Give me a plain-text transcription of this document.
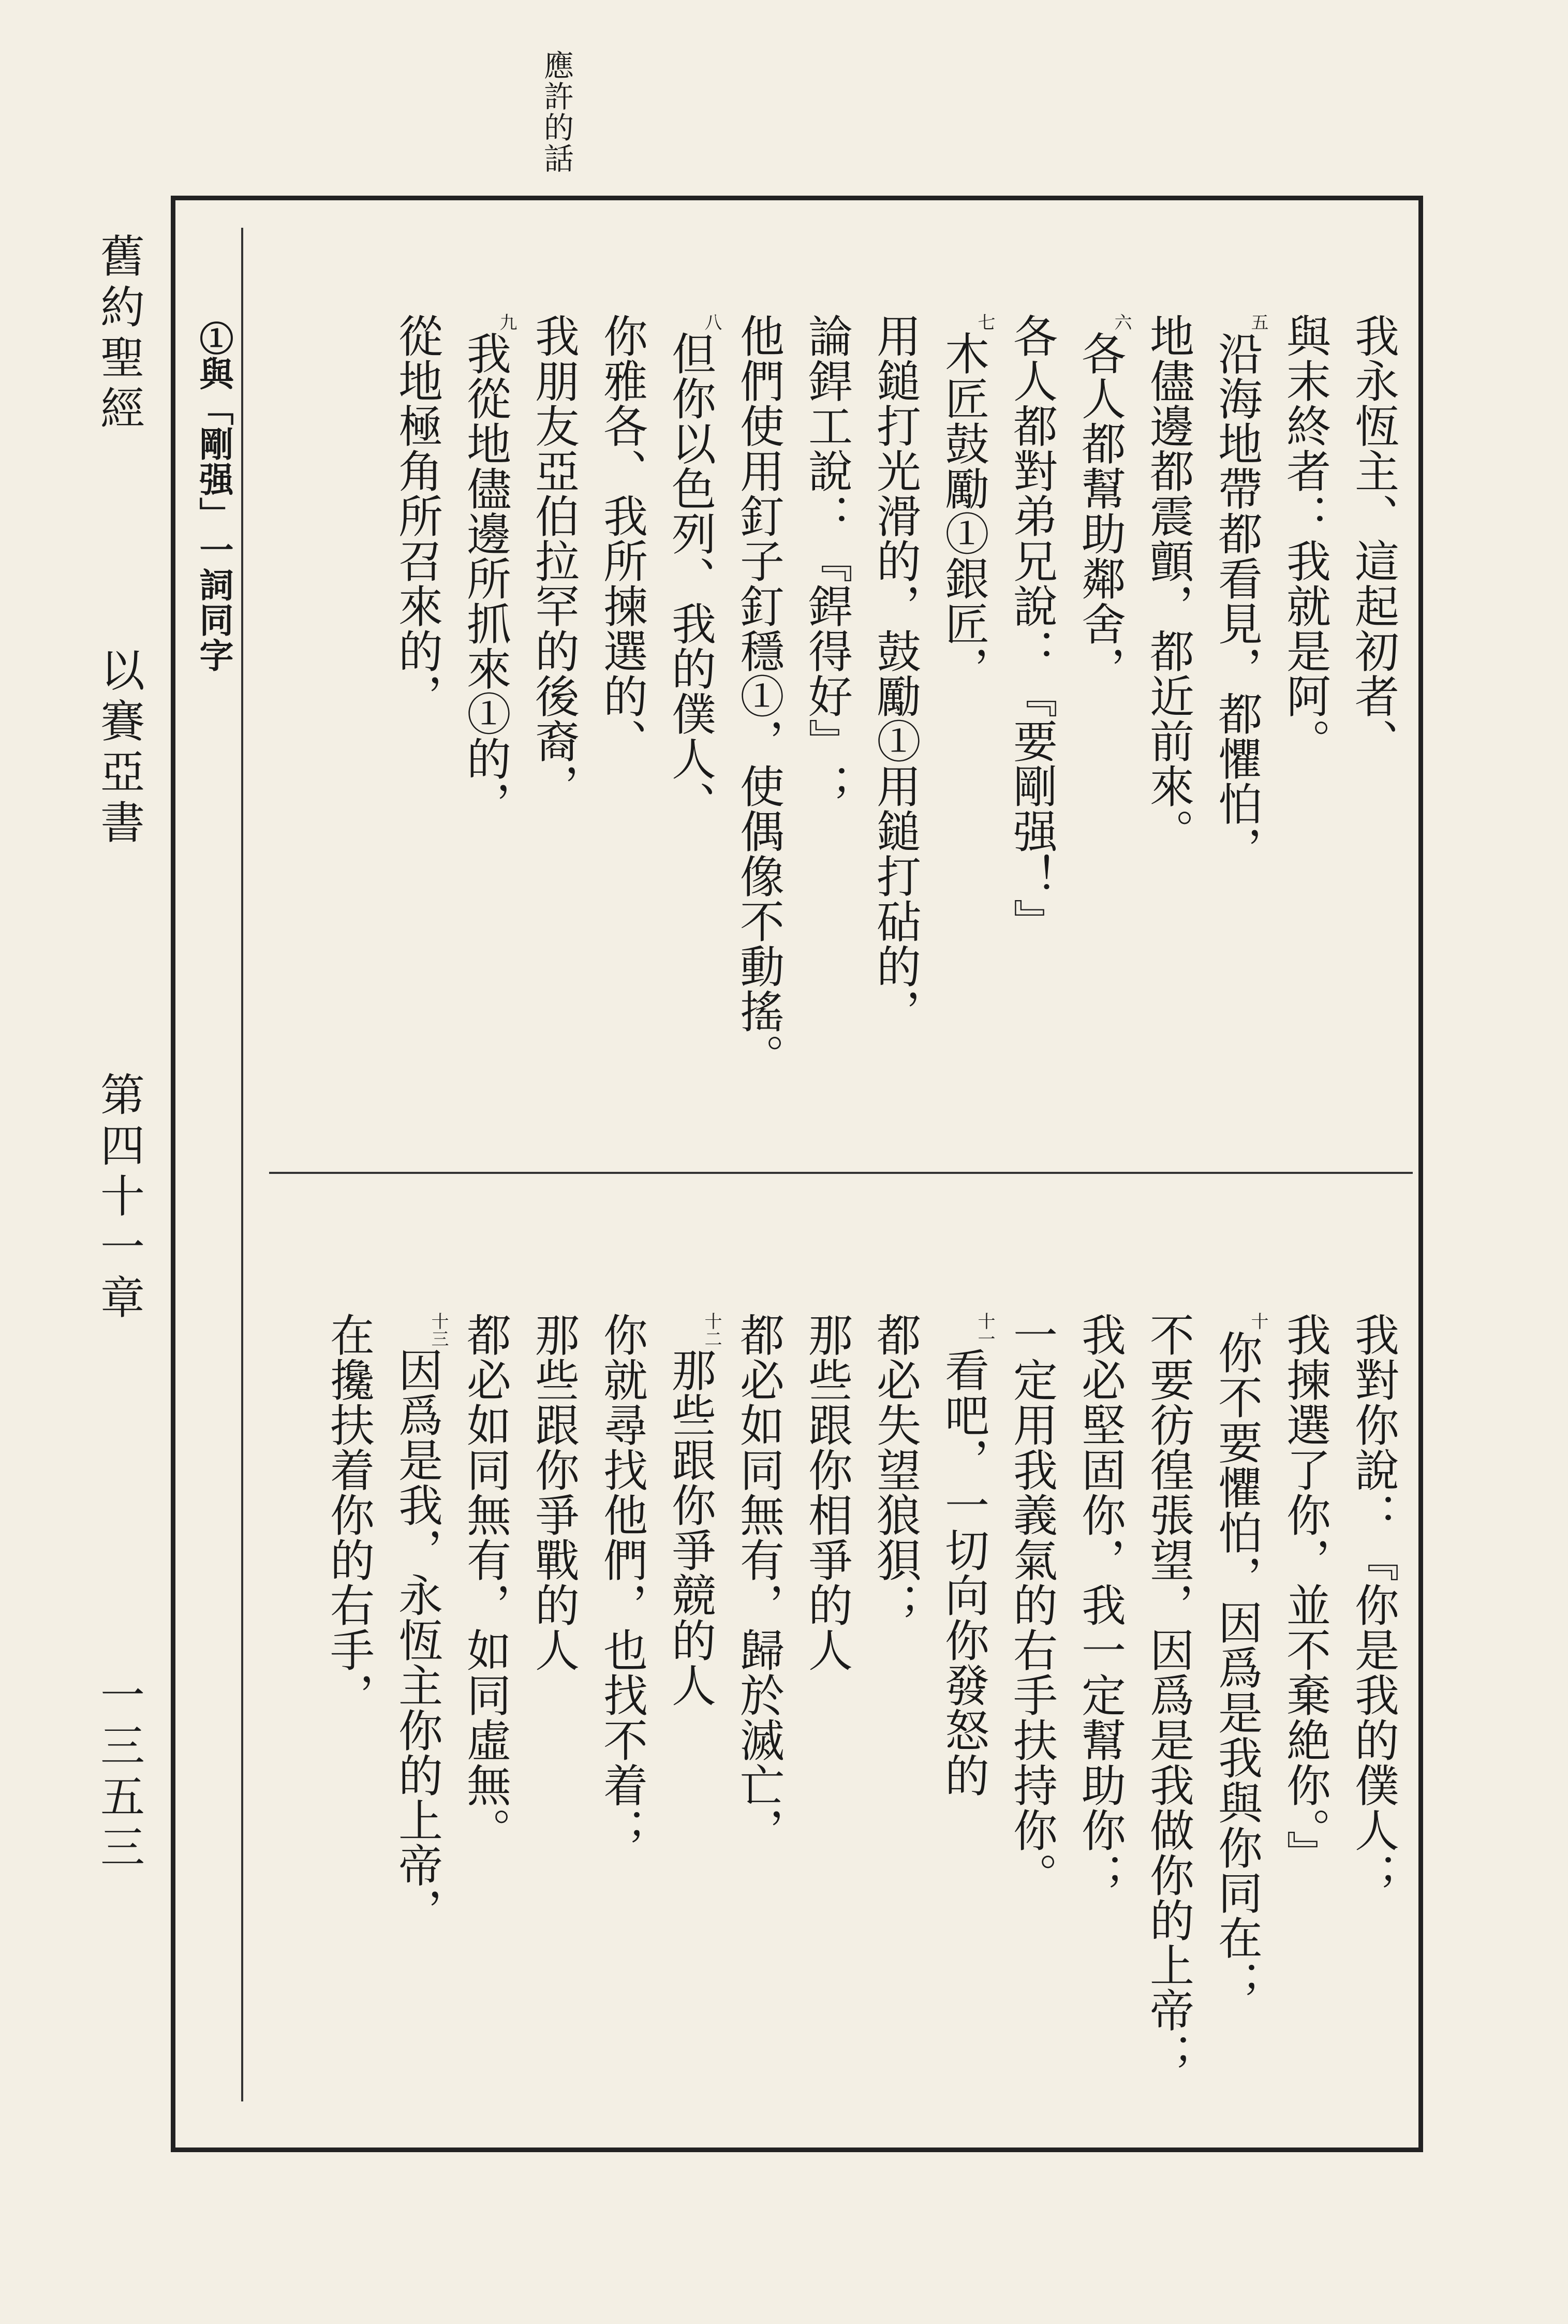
應許的話
舊約聖經
以賽亞書
第四十一章
一三五三
①與「剛强」一詞同字	我永恆主、這起初者、
與末終者：我就是阿。
五沿海地帶都看見，都懼怕，
地儘邊都震顫，都近前來。
六各人都幫助鄰舍，
各人都對弟兄說：『要剛强！』
七木匠鼓勵①銀匠，
用鎚打光滑的，鼓勵①用鎚打砧的，
論銲工說：『銲得好』；
他們使用釘子釘穩①，使偶像不動搖。
八但你以色列、我的僕人、
你雅各、我所揀選的、
我朋友亞伯拉罕的後裔，
九我從地儘邊所抓來①的，
從地極角所召來的，
我對你說：『你是我的僕人；
我揀選了你，並不棄絶你。』
十你不要懼怕，因爲是我與你同在；
不要彷徨張望，因爲是我做你的上帝；
我必堅固你，我一定幫助你；
一定用我義氣的右手扶持你。
十一看吧，一切向你發怒的
都必失望狼狽；
那些跟你相爭的人
都必如同無有，歸於滅亡，
十二那些跟你爭競的人
你就尋找他們，也找不着；
那些跟你爭戰的人
都必如同無有，如同虛無。
十三因爲是我，永恆主你的上帝，
在攙扶着你的右手，
